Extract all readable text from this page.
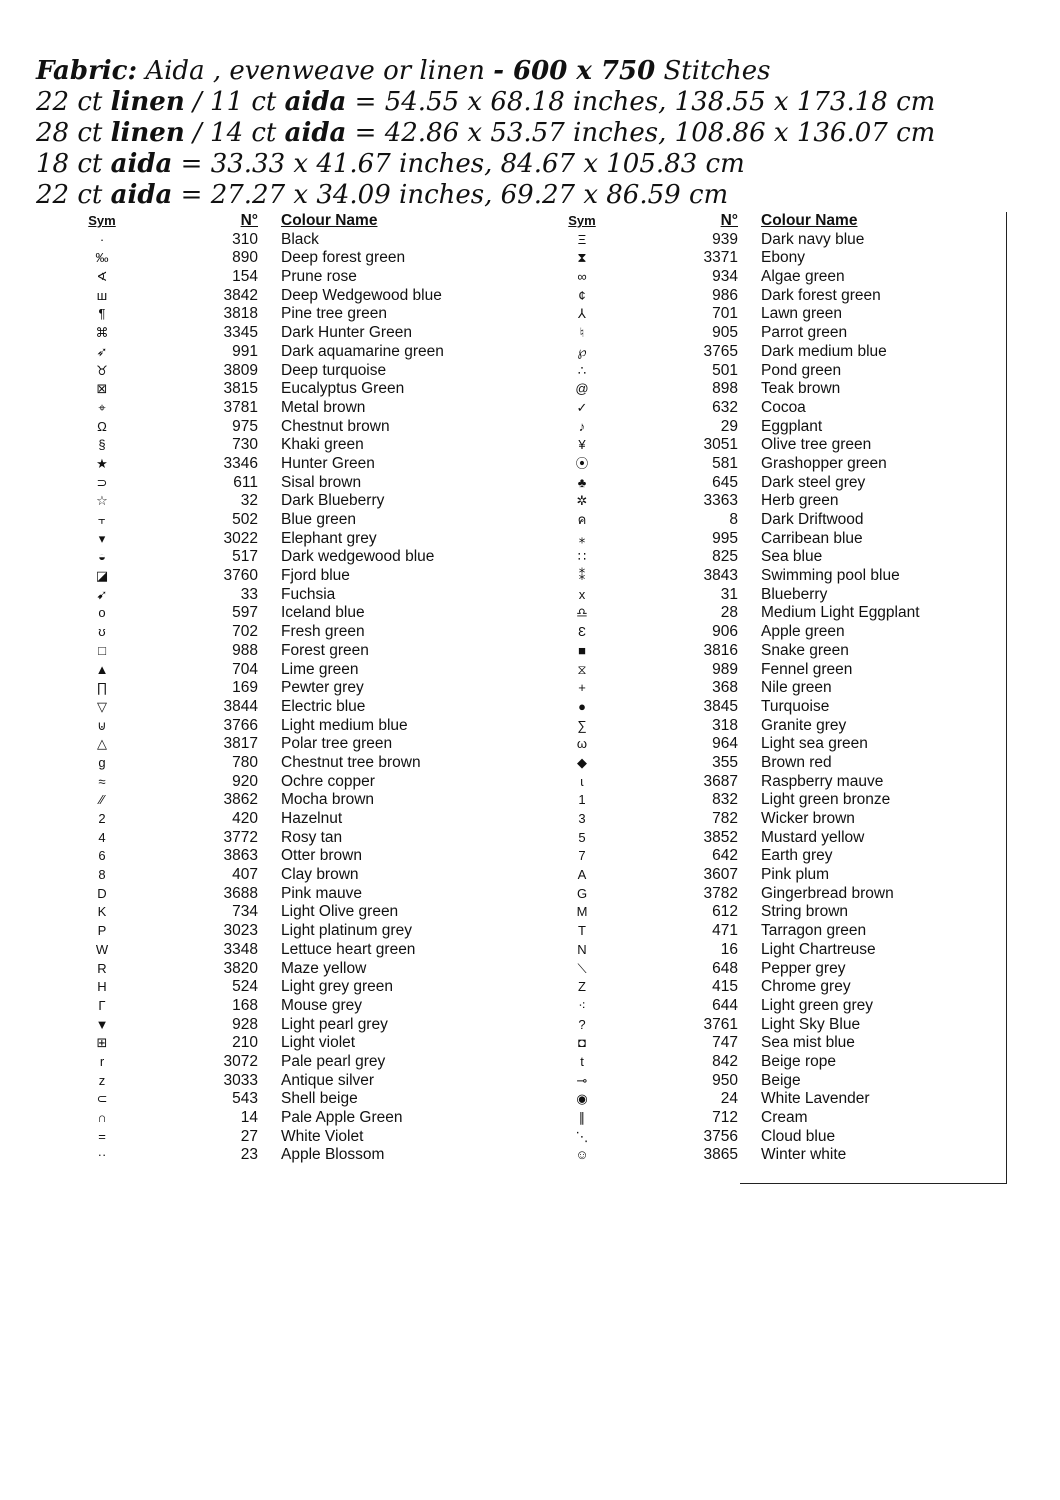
Fabric: Aida , evenweave or linen - 600 x 750 Stitches
22 ct linen / 11 ct aida = 54.55 x 68.18 inches, 138.55 x 173.18 cm
28 ct linen / 14 ct aida = 42.86 x 53.57 inches, 108.86 x 136.07 cm
18 ct aida = 33.33 x 41.67 inches, 84.67 x 105.83 cm
22 ct aida = 27.27 x 34.09 inches, 69.27 x 86.59 cm
Sym	N° Colour Name
·	310 Black
‰	890 Deep forest green
∢	154 Prune rose
ш	3842 Deep Wedgewood blue
¶	3818 Pine tree green
⌘	3345 Dark Hunter Green
➶	991 Dark aquamarine green
♉	3809 Deep turquoise
⊠	3815 Eucalyptus Green
⌖	3781 Metal brown
Ω	975 Chestnut brown
§	730 Khaki green
★	3346 Hunter Green
⊃	611 Sisal brown
☆	32 Dark Blueberry
⫟	502 Blue green
▾	3022 Elephant grey
◒	517 Dark wedgewood blue
◪	3760 Fjord blue
➹	33 Fuchsia
o	597 Iceland blue
ʊ	702 Fresh green
□	988 Forest green
▲	704 Lime green
∏	169 Pewter grey
▽	3844 Electric blue
⊍	3766 Light medium blue
△	3817 Polar tree green
g	780 Chestnut tree brown
≈	920 Ochre copper
⁄⁄	3862 Mocha brown
2	420 Hazelnut
4	3772 Rosy tan
6	3863 Otter brown
8	407 Clay brown
D	3688 Pink mauve
K	734 Light Olive green
P	3023 Light platinum grey
W	3348 Lettuce heart green
R	3820 Maze yellow
H	524 Light grey green
Γ	168 Mouse grey
▼	928 Light pearl grey
⊞	210 Light violet
r	3072 Pale pearl grey
z	3033 Antique silver
⊂	543 Shell beige
∩	14 Pale Apple Green
=	27 White Violet
··	23 Apple Blossom
Sym	N° Colour Name
Ξ	939 Dark navy blue
⧗	3371 Ebony
∞	934 Algae green
¢	986 Dark forest green
⅄	701 Lawn green
♮	905 Parrot green
℘	3765 Dark medium blue
∴	501 Pond green
@	898 Teak brown
✓	632 Cocoa
♪	29 Eggplant
¥	3051 Olive tree green
⦿	581 Grashopper green
♣	645 Dark steel grey
✲	3363 Herb green
ค	8 Dark Driftwood
⁎	995 Carribean blue
∷	825 Sea blue
⁑	3843 Swimming pool blue
x	31 Blueberry
♎	28 Medium Light Eggplant
Ɛ	906 Apple green
■	3816 Snake green
⧖	989 Fennel green
+	368 Nile green
●	3845 Turquoise
∑	318 Granite grey
ω	964 Light sea green
◆	355 Brown red
ɩ	3687 Raspberry mauve
1	832 Light green bronze
3	782 Wicker brown
5	3852 Mustard yellow
7	642 Earth grey
A	3607 Pink plum
G	3782 Gingerbread brown
M	612 String brown
T	471 Tarragon green
N	16 Light Chartreuse
⟍	648 Pepper grey
Z	415 Chrome grey
⁖	644 Light green grey
?	3761 Light Sky Blue
◘	747 Sea mist blue
t	842 Beige rope
⊸	950 Beige
◉	24 White Lavender
∥	712 Cream
⋱	3756 Cloud blue
☺	3865 Winter white
